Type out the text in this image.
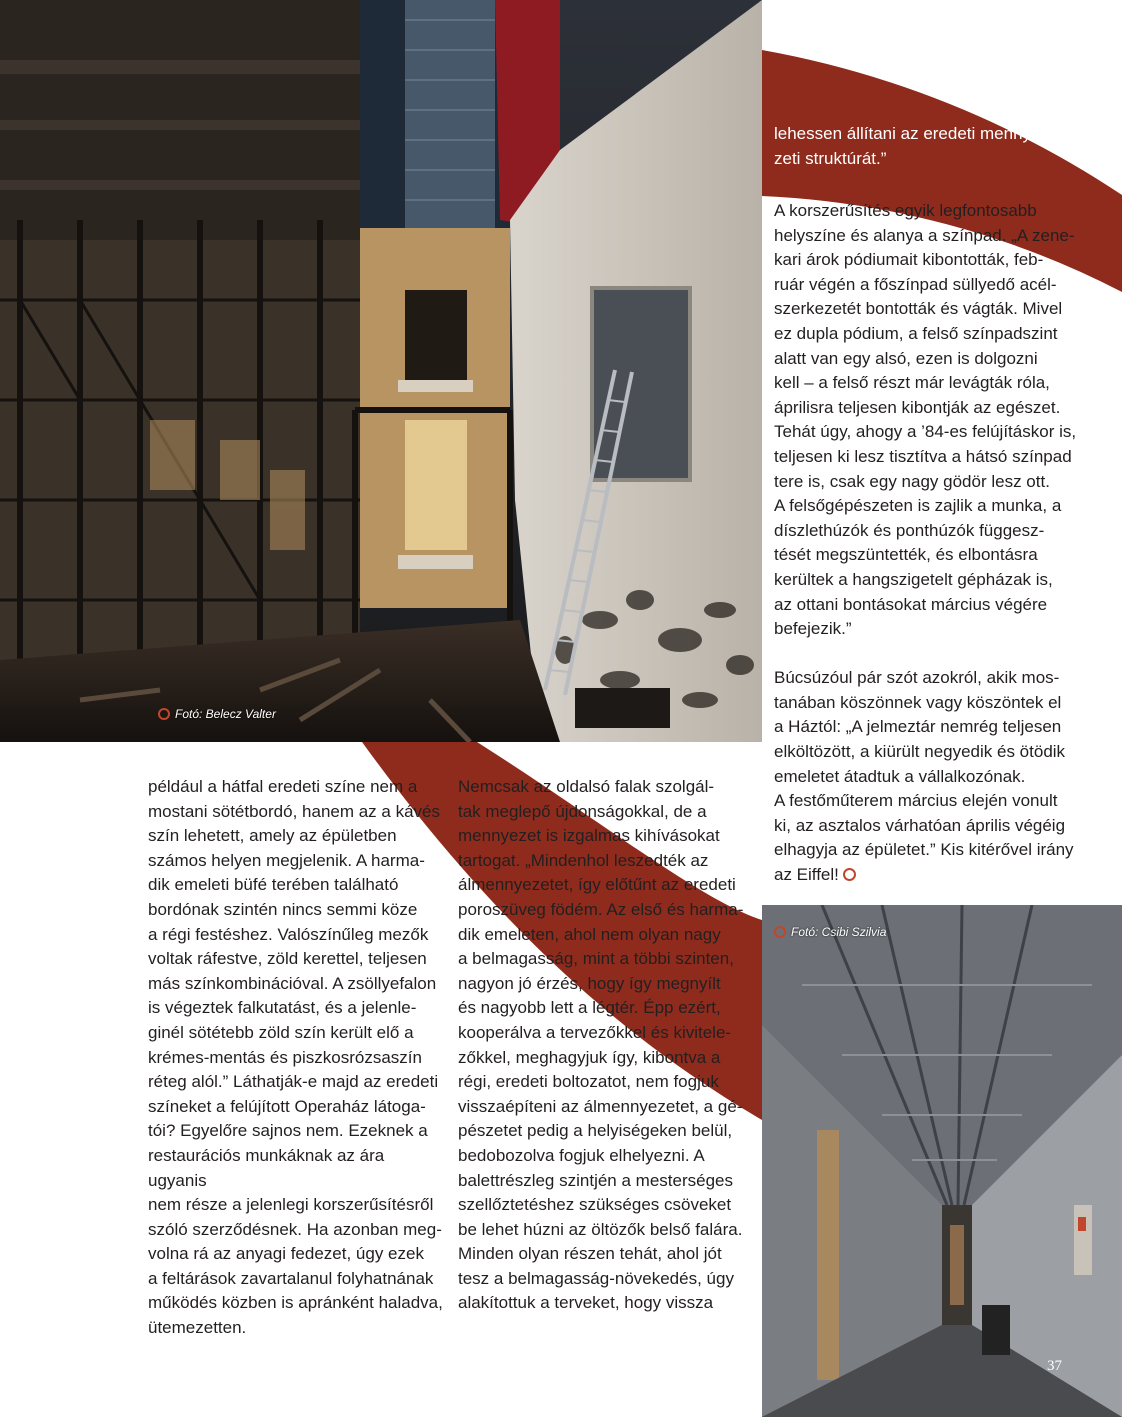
Fotó: Belecz Valter
Fotó: Csibi Szilvia
Rekonstrukció

lehessen állítani az eredeti mennye-
zeti struktúrát.”

A korszerűsítés egyik legfontosabb
helyszíne és alanya a színpad. „A zene-
kari árok pódiumait kibontották, feb-
ruár végén a főszínpad süllyedő acél-
szerkezetét bontották és vágták. Mivel
ez dupla pódium, a felső színpadszint
alatt van egy alsó, ezen is dolgozni
kell – a felső részt már levágták róla,
áprilisra teljesen kibontják az egészet.
Tehát úgy, ahogy a ’84-es felújításkor is,
teljesen ki lesz tisztítva a hátsó színpad
tere is, csak egy nagy gödör lesz ott.
A felsőgépészeten is zajlik a munka, a
díszlethúzók és ponthúzók függesz-
tését megszüntették, és elbontásra
kerültek a hangszigetelt gépházak is,
az ottani bontásokat március végére
befejezik.”

Búcsúzóul pár szót azokról, akik mos-
tanában köszönnek vagy köszöntek el
a Háztól: „A jelmeztár nemrég teljesen
elköltözött, a kiürült negyedik és ötödik
emeletet átadtuk a vállalkozónak.
A festőműterem március elején vonult
ki, az asztalos várhatóan április végéig
elhagyja az épületet.” Kis kitérővel irány
az Eiffel!

például a hátfal eredeti színe nem a
mostani sötétbordó, hanem az a kávés
szín lehetett, amely az épületben
számos helyen megjelenik. A harma-
dik emeleti büfé terében található
bordónak szintén nincs semmi köze
a régi festéshez. Valószínűleg mezők
voltak ráfestve, zöld kerettel, teljesen
más színkombinációval. A zsöllyefalon
is végeztek falkutatást, és a jelenle-
ginél sötétebb zöld szín került elő a
krémes-mentás és piszkosrózsaszín
réteg alól.” Láthatják-e majd az eredeti
színeket a felújított Operaház látoga-
tói? Egyelőre sajnos nem. Ezeknek a
restaurációs munkáknak az ára ugyanis
nem része a jelenlegi korszerűsítésről
szóló szerződésnek. Ha azonban meg-
volna rá az anyagi fedezet, úgy ezek
a feltárások zavartalanul folyhatnának
működés közben is apránként haladva,
ütemezetten.

Nemcsak az oldalsó falak szolgál-
tak meglepő újdonságokkal, de a
mennyezet is izgalmas kihívásokat
tartogat. „Mindenhol leszedték az
álmennyezetet, így előtűnt az eredeti
poroszüveg födém. Az első és harma-
dik emeleten, ahol nem olyan nagy
a belmagasság, mint a többi szinten,
nagyon jó érzés, hogy így megnyílt
és nagyobb lett a légtér. Épp ezért,
kooperálva a tervezőkkel és kivitele-
zőkkel, meghagyjuk így, kibontva a
régi, eredeti boltozatot, nem fogjuk
visszaépíteni az álmennyezetet, a gé-
pészetet pedig a helyiségeken belül,
bedobozolva fogjuk elhelyezni. A
balettrészleg szintjén a mesterséges
szellőztetéshez szükséges csöveket
be lehet húzni az öltözők belső falára.
Minden olyan részen tehát, ahol jót
tesz a belmagasság-növekedés, úgy
alakítottuk a terveket, hogy vissza

37
